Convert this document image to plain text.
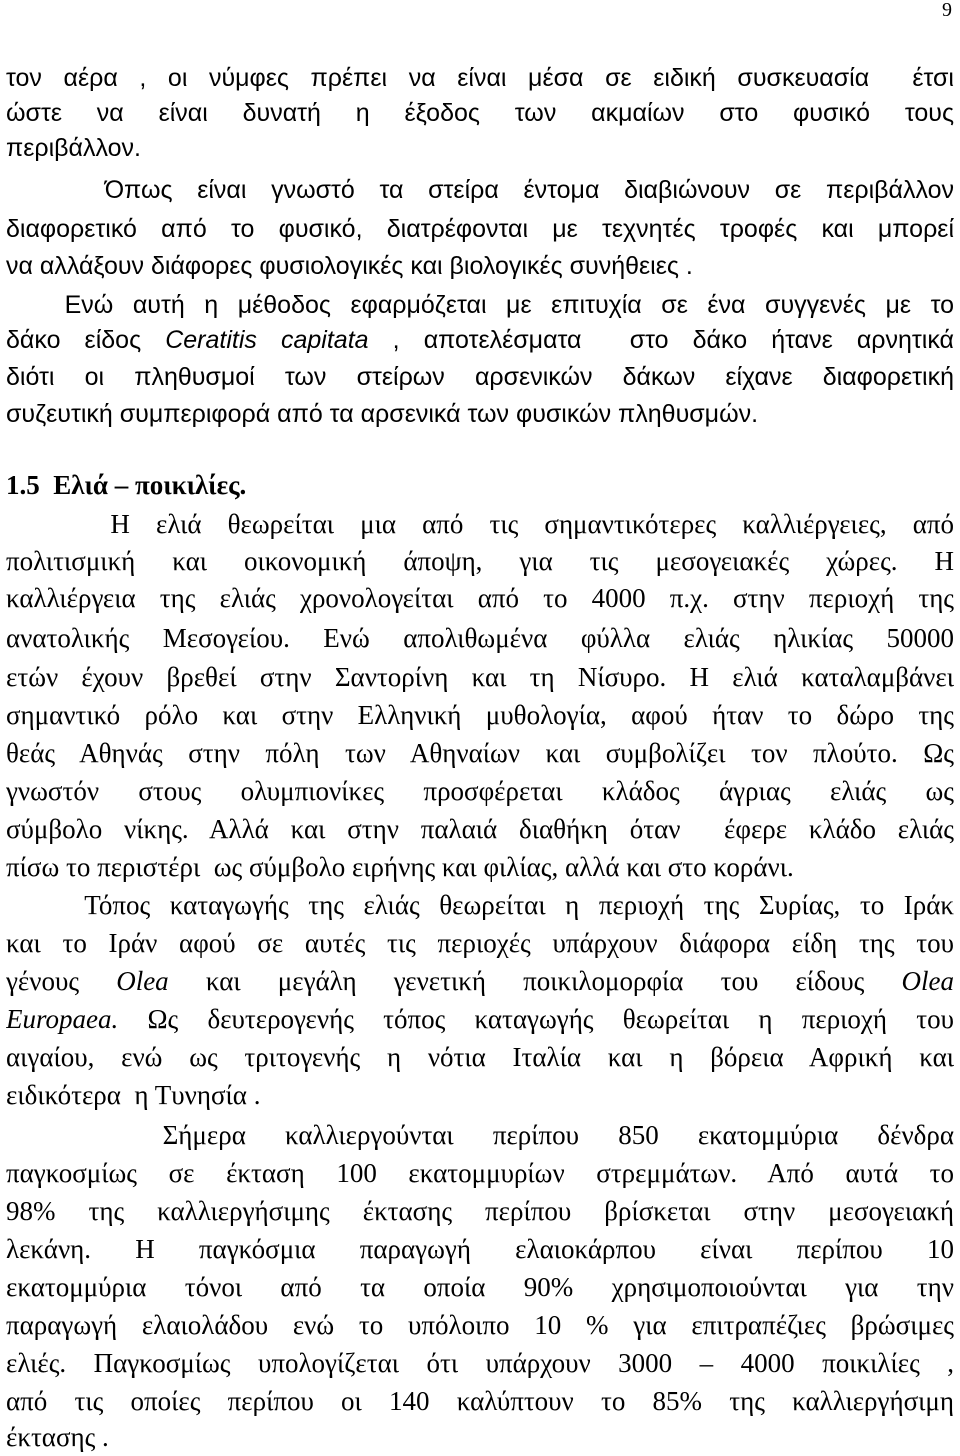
9
τον αέρα , οι νύμφες πρέπει να είναι μέσα σε ειδική συσκευασία  έτσι
ώστε να είναι δυνατή η έξοδος των ακμαίων στο φυσικό τους
περιβάλλον.
Όπως είναι γνωστό τα στείρα έντομα διαβιώνουν σε περιβάλλον
διαφορετικό από το φυσικό, διατρέφονται με τεχνητές τροφές και μπορεί
να αλλάξουν διάφορες φυσιολογικές και βιολογικές συνήθειες .
Ενώ αυτή η μέθοδος εφαρμόζεται με επιτυχία σε ένα συγγενές με το
δάκο είδος Ceratitis capitata , αποτελέσματα  στο δάκο ήτανε αρνητικά
διότι οι πληθυσμοί των στείρων αρσενικών δάκων είχανε διαφορετική
συζευτική συμπεριφορά από τα αρσενικά των φυσικών πληθυσμών.
1.5  Ελιά – ποικιλίες.
Η ελιά θεωρείται μια από τις σημαντικότερες καλλιέργειες, από
πολιτισμική και οικονομική άποψη, για τις μεσογειακές χώρες. Η
καλλιέργεια της ελιάς χρονολογείται από το 4000 π.χ. στην περιοχή της
ανατολικής Μεσογείου. Ενώ απολιθωμένα φύλλα ελιάς ηλικίας 50000
ετών έχουν βρεθεί στην Σαντορίνη και τη Νίσυρο. Η ελιά καταλαμβάνει
σημαντικό ρόλο και στην Ελληνική μυθολογία, αφού ήταν το δώρο της
θεάς Αθηνάς στην πόλη των Αθηναίων και συμβολίζει τον πλούτο. Ως
γνωστόν στους ολυμπιονίκες προσφέρεται κλάδος άγριας ελιάς ως
σύμβολο νίκης. Αλλά και στην παλαιά διαθήκη όταν  έφερε κλάδο ελιάς
πίσω το περιστέρι  ως σύμβολο ειρήνης και φιλίας, αλλά και στο κοράνι.
Τόπος καταγωγής της ελιάς θεωρείται η περιοχή της Συρίας, το Ιράκ
και το Ιράν αφού σε αυτές τις περιοχές υπάρχουν διάφορα είδη της του
γένους Olea και μεγάλη γενετική ποικιλομορφία του είδους Olea
Europaea. Ως δευτερογενής τόπος καταγωγής θεωρείται η περιοχή του
αιγαίου, ενώ ως τριτογενής η νότια Ιταλία και η βόρεια Αφρική και
ειδικότερα  η Τυνησία .
Σήμερα καλλιεργούνται περίπου 850 εκατομμύρια δένδρα
παγκοσμίως σε έκταση 100 εκατομμυρίων στρεμμάτων. Από αυτά το
98% της καλλιεργήσιμης έκτασης περίπου βρίσκεται στην μεσογειακή
λεκάνη. Η παγκόσμια παραγωγή ελαιοκάρπου είναι περίπου 10
εκατομμύρια τόνοι από τα οποία 90% χρησιμοποιούνται για την
παραγωγή ελαιολάδου ενώ το υπόλοιπο 10 % για επιτραπέζιες βρώσιμες
ελιές. Παγκοσμίως υπολογίζεται ότι υπάρχουν 3000 – 4000 ποικιλίες ,
από τις οποίες περίπου οι 140 καλύπτουν το 85% της καλλιεργήσιμη
έκτασης .
